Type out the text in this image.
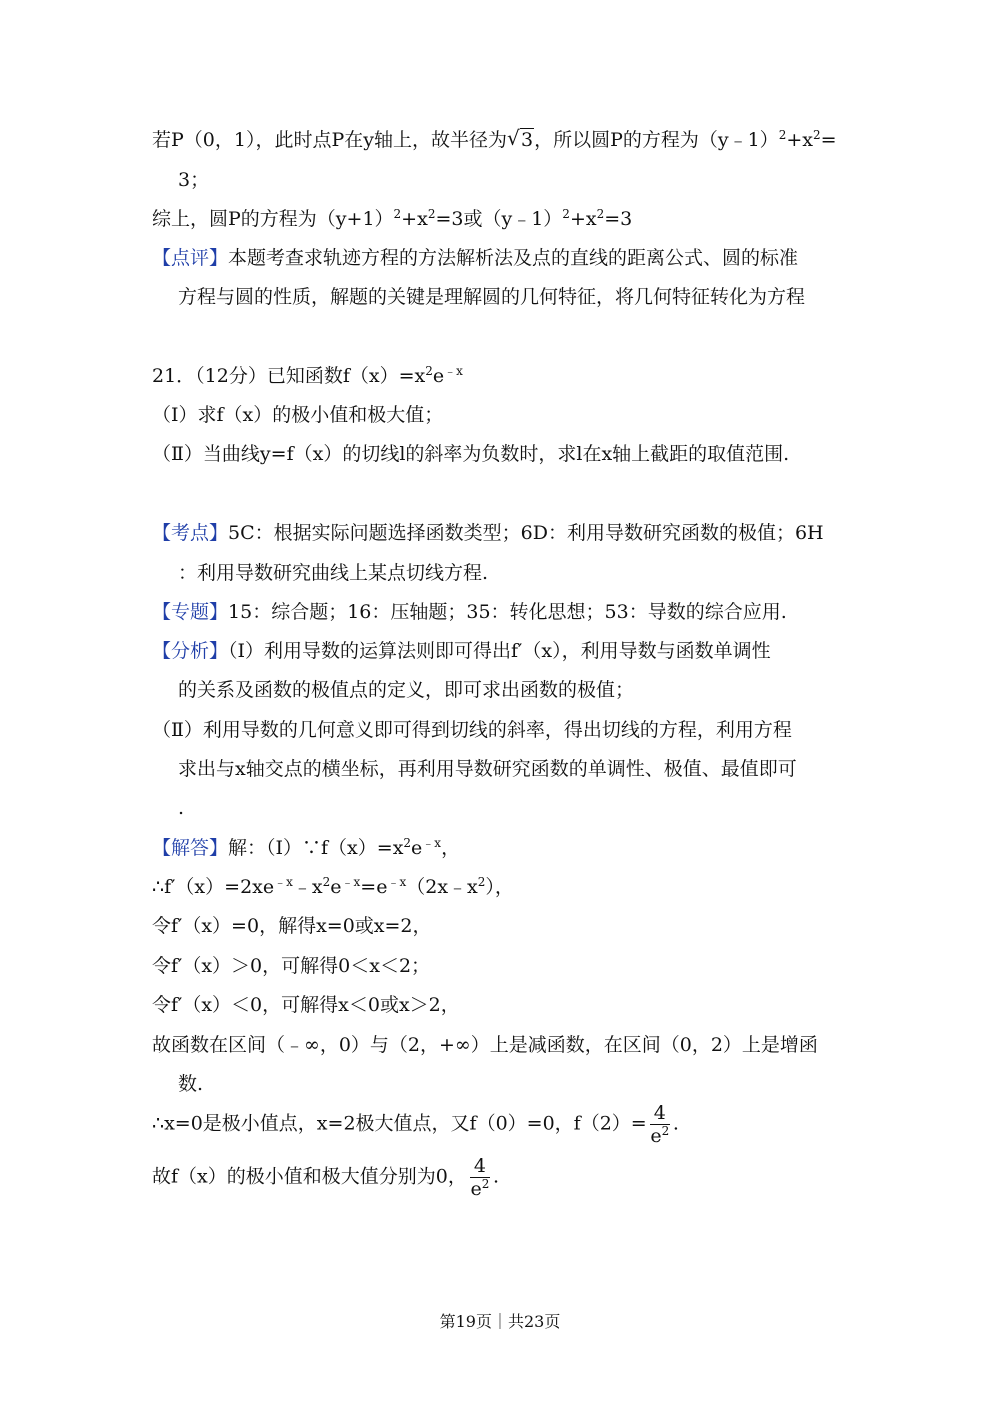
若P（0，1），此时点P在y轴上，故半径为 √ 3，所以圆P的方程为$(y﹣1)^2+x^2=$
3；
综上，圆P的方程为$(y+1)^2+x^2=3$或$(y﹣1)^2+x^2=3$
【点评】本题考查求轨迹方程的方法解析法及点的直线的距离公式、圆的标准
方程与圆的性质，解题的关键是理解圆的几何特征，将几何特征转化为方程
21．（12分）已知函数$f(x)=x^2e^{﹣x}$
（Ⅰ）求f（x）的极小值和极大值；
（Ⅱ）当曲线y=f（x）的切线l的斜率为负数时，求l在x轴上截距的取值范围.
【考点】5C：根据实际问题选择函数类型；6D：利用导数研究函数的极值；6H
：利用导数研究曲线上某点切线方程.
【专题】15：综合题；16：压轴题；35：转化思想；53：导数的综合应用.
【分析】（Ⅰ）利用导数的运算法则即可得出f′（x），利用导数与函数单调性
的关系及函数的极值点的定义，即可求出函数的极值；
（Ⅱ）利用导数的几何意义即可得到切线的斜率，得出切线的方程，利用方程
求出与x轴交点的横坐标，再利用导数研究函数的单调性、极值、最值即可
.
【解答】解：$(Ⅰ)\because f(x)=x^2e^{﹣x}$，
$\therefore f'(x)=2xe^{﹣x}﹣x^2e^{﹣x}=e^{﹣x}(2x﹣x^2)$，
令f′（x）=0，解得x=0或x=2，
令f′（x）＞0，可解得0＜x＜2；
令f′（x）＜0，可解得x＜0或x＞2，
故函数在区间（﹣∞，0）与（2，+∞）上是减函数，在区间（0，2）上是增函
数.
∴x=0是极小值点，x=2极大值点，又f（0）=0，$f(2)= \frac{4}{e^2}$ .
故f（x）的极小值和极大值分别为0， $\frac{4}{e^2}$ .
第19页｜共23页
